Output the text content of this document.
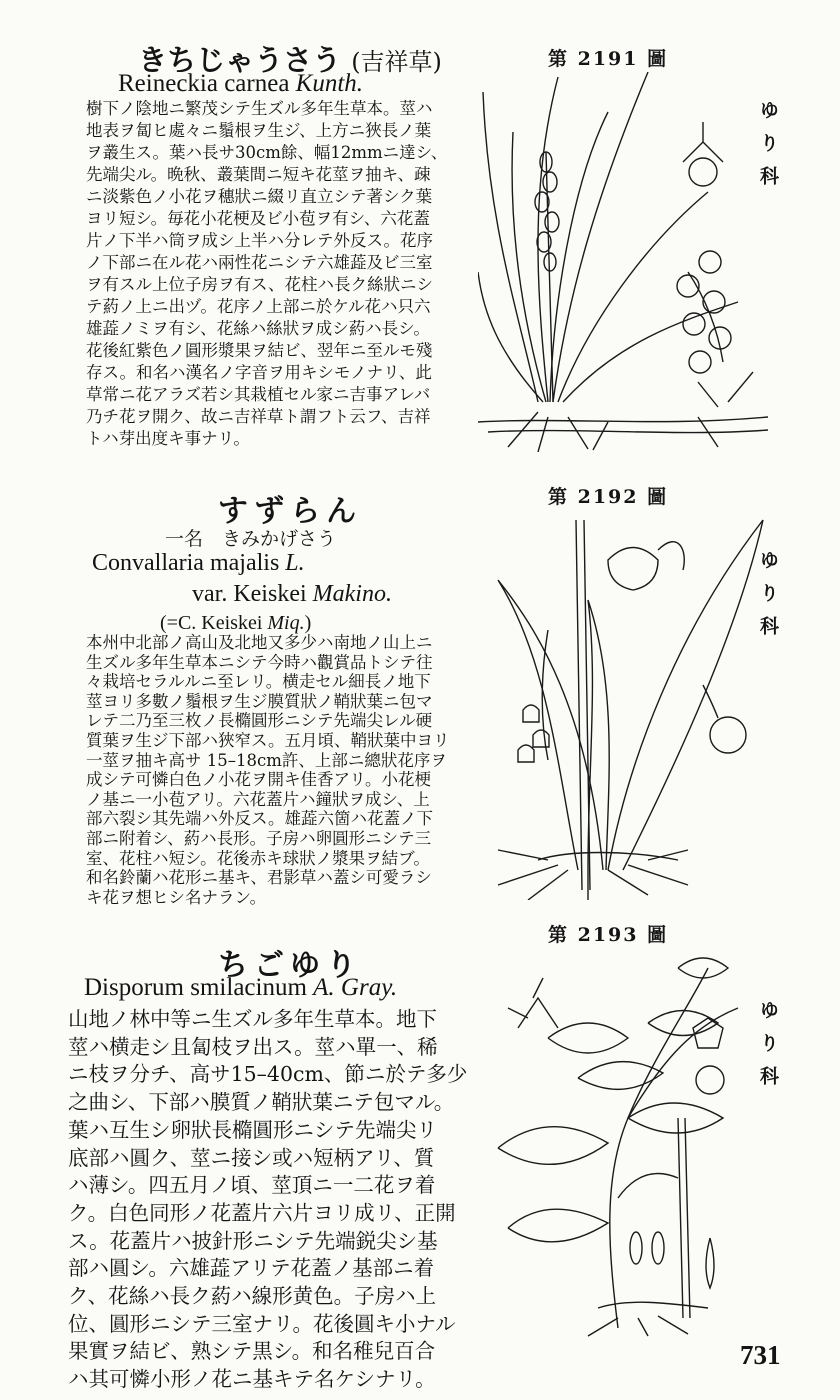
きちじゃうさう (吉祥草)
Reineckia carnea Kunth.
樹下ノ陰地ニ繁茂シテ生ズル多年生草本。莖ハ
地表ヲ匐ヒ處々ニ鬚根ヲ生ジ、上方ニ狹長ノ葉
ヲ叢生ス。葉ハ長サ30cm餘、幅12mmニ達シ、
先端尖ル。晩秋、叢葉間ニ短キ花莖ヲ抽キ、疎
ニ淡紫色ノ小花ヲ穗狀ニ綴リ直立シテ著シク葉
ヨリ短シ。毎花小花梗及ビ小苞ヲ有シ、六花蓋
片ノ下半ハ筒ヲ成シ上半ハ分レテ外反ス。花序
ノ下部ニ在ル花ハ兩性花ニシテ六雄蕋及ビ三室
ヲ有スル上位子房ヲ有ス、花柱ハ長ク絲狀ニシ
テ葯ノ上ニ出ヅ。花序ノ上部ニ於ケル花ハ只六
雄蕋ノミヲ有シ、花絲ハ絲狀ヲ成シ葯ハ長シ。
花後紅紫色ノ圓形漿果ヲ結ビ、翌年ニ至ルモ殘
存ス。和名ハ漢名ノ字音ヲ用キシモノナリ、此
草常ニ花アラズ若シ其栽植セル家ニ吉事アレバ
乃チ花ヲ開ク、故ニ吉祥草ト謂フト云フ、吉祥
トハ芽出度キ事ナリ。
すずらん
一名　きみかげさう
Convallaria majalis L.
var. Keiskei Makino.
(=C. Keiskei Miq.)
本州中北部ノ高山及北地又多少ハ南地ノ山上ニ
生ズル多年生草本ニシテ今時ハ觀賞品トシテ往
々栽培セラルルニ至レリ。横走セル細長ノ地下
莖ヨリ多數ノ鬚根ヲ生ジ膜質狀ノ鞘狀葉ニ包マ
レテ二乃至三枚ノ長橢圓形ニシテ先端尖レル硬
質葉ヲ生ジ下部ハ狹窄ス。五月頃、鞘狀葉中ヨリ
一莖ヲ抽キ高サ 15–18cm許、上部ニ總狀花序ヲ
成シテ可憐白色ノ小花ヲ開キ佳香アリ。小花梗
ノ基ニ一小苞アリ。六花蓋片ハ鐘狀ヲ成シ、上
部六裂シ其先端ハ外反ス。雄蕋六箇ハ花蓋ノ下
部ニ附着シ、葯ハ長形。子房ハ卵圓形ニシテ三
室、花柱ハ短シ。花後赤キ球狀ノ漿果ヲ結ブ。
和名鈴蘭ハ花形ニ基キ、君影草ハ蓋シ可愛ラシ
キ花ヲ想ヒシ名ナラン。
ちごゆり
Disporum smilacinum A. Gray.
山地ノ林中等ニ生ズル多年生草本。地下
莖ハ横走シ且匐枝ヲ出ス。莖ハ單一、稀
ニ枝ヲ分チ、高サ15–40cm、節ニ於テ多少
之曲シ、下部ハ膜質ノ鞘狀葉ニテ包マル。
葉ハ互生シ卵狀長橢圓形ニシテ先端尖リ
底部ハ圓ク、莖ニ接シ或ハ短柄アリ、質
ハ薄シ。四五月ノ頃、莖頂ニ一二花ヲ着
ク。白色同形ノ花蓋片六片ヨリ成リ、正開
ス。花蓋片ハ披針形ニシテ先端鋭尖シ基
部ハ圓シ。六雄蕋アリテ花蓋ノ基部ニ着
ク、花絲ハ長ク葯ハ線形黄色。子房ハ上
位、圓形ニシテ三室ナリ。花後圓キ小ナル
果實ヲ結ビ、熟シテ黒シ。和名稚兒百合
ハ其可憐小形ノ花ニ基キテ名ケシナリ。
第 2191 圖
第 2192 圖
第 2193 圖
ゆり科
ゆり科
ゆり科
731
